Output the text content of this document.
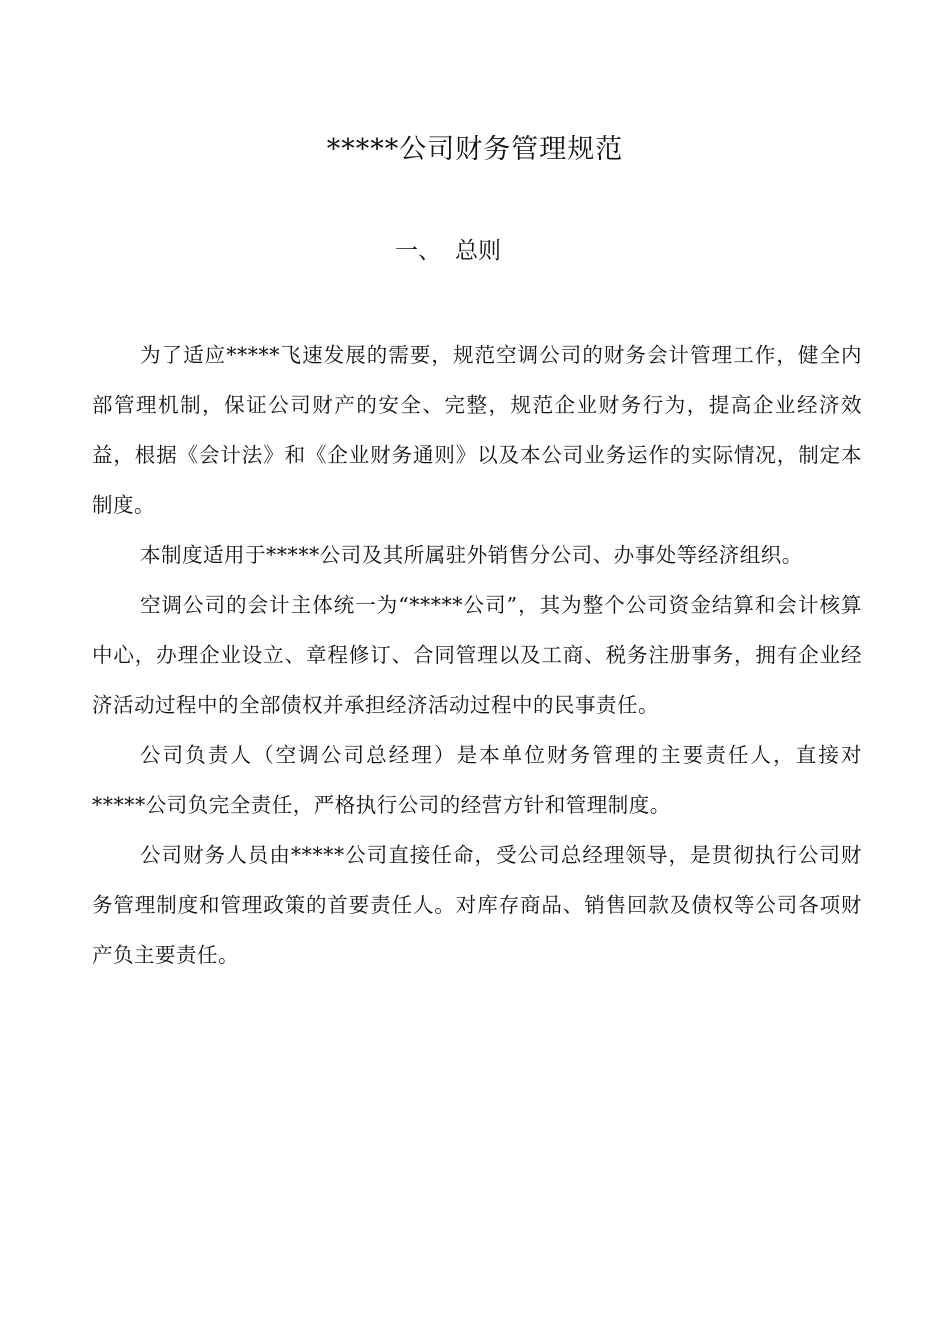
*****公司财务管理规范
一、 总则

为了适应*****飞速发展的需要，规范空调公司的财务会计管理工作，健全内部管理机制，保证公司财产的安全、完整，规范企业财务行为，提高企业经济效益，根据《会计法》和《企业财务通则》以及本公司业务运作的实际情况，制定本制度。

本制度适用于*****公司及其所属驻外销售分公司、办事处等经济组织。

空调公司的会计主体统一为“*****公司”，其为整个公司资金结算和会计核算中心，办理企业设立、章程修订、合同管理以及工商、税务注册事务，拥有企业经济活动过程中的全部债权并承担经济活动过程中的民事责任。

公司负责人（空调公司总经理）是本单位财务管理的主要责任人，直接对*****公司负完全责任，严格执行公司的经营方针和管理制度。

公司财务人员由*****公司直接任命，受公司总经理领导，是贯彻执行公司财务管理制度和管理政策的首要责任人。对库存商品、销售回款及债权等公司各项财产负主要责任。
